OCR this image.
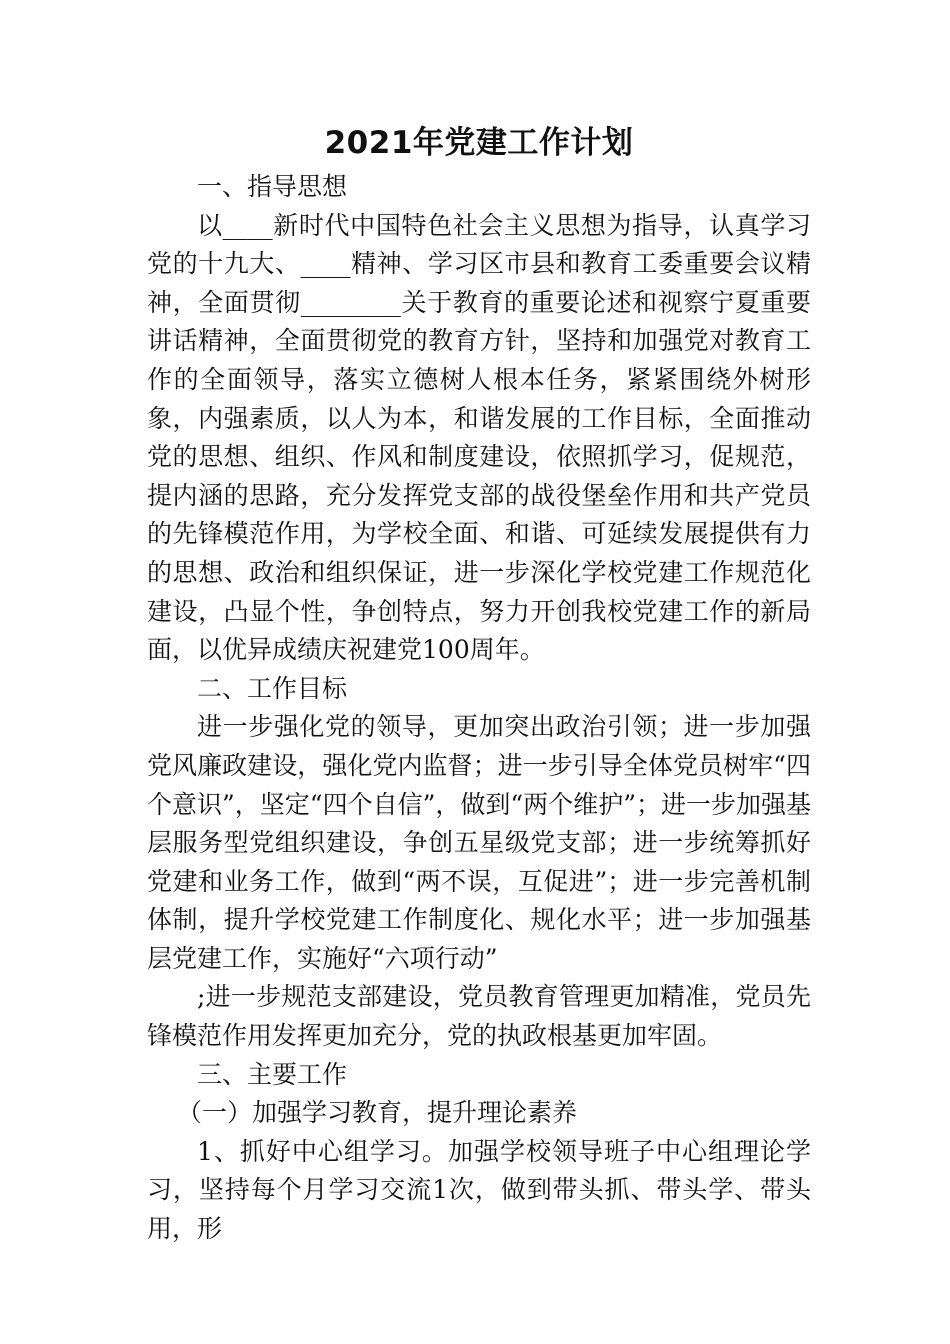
2021年党建工作计划

一、指导思想

以____新时代中国特色社会主义思想为指导，认真学习党的十九大、____精神、学习区市县和教育工委重要会议精神，全面贯彻________关于教育的重要论述和视察宁夏重要讲话精神，全面贯彻党的教育方针，坚持和加强党对教育工作的全面领导，落实立德树人根本任务，紧紧围绕外树形象，内强素质，以人为本，和谐发展的工作目标，全面推动党的思想、组织、作风和制度建设，依照抓学习，促规范，提内涵的思路，充分发挥党支部的战役堡垒作用和共产党员的先锋模范作用，为学校全面、和谐、可延续发展提供有力的思想、政治和组织保证，进一步深化学校党建工作规范化建设，凸显个性，争创特点，努力开创我校党建工作的新局面，以优异成绩庆祝建党100周年。

二、工作目标

进一步强化党的领导，更加突出政治引领；进一步加强党风廉政建设，强化党内监督；进一步引导全体党员树牢“四个意识”，坚定“四个自信”，做到“两个维护”；进一步加强基层服务型党组织建设，争创五星级党支部；进一步统筹抓好党建和业务工作，做到“两不误，互促进”；进一步完善机制体制，提升学校党建工作制度化、规化水平；进一步加强基层党建工作，实施好“六项行动”

;进一步规范支部建设，党员教育管理更加精准，党员先锋模范作用发挥更加充分，党的执政根基更加牢固。

三、主要工作

（一）加强学习教育，提升理论素养

1、抓好中心组学习。加强学校领导班子中心组理论学习，坚持每个月学习交流1次，做到带头抓、带头学、带头用，形
